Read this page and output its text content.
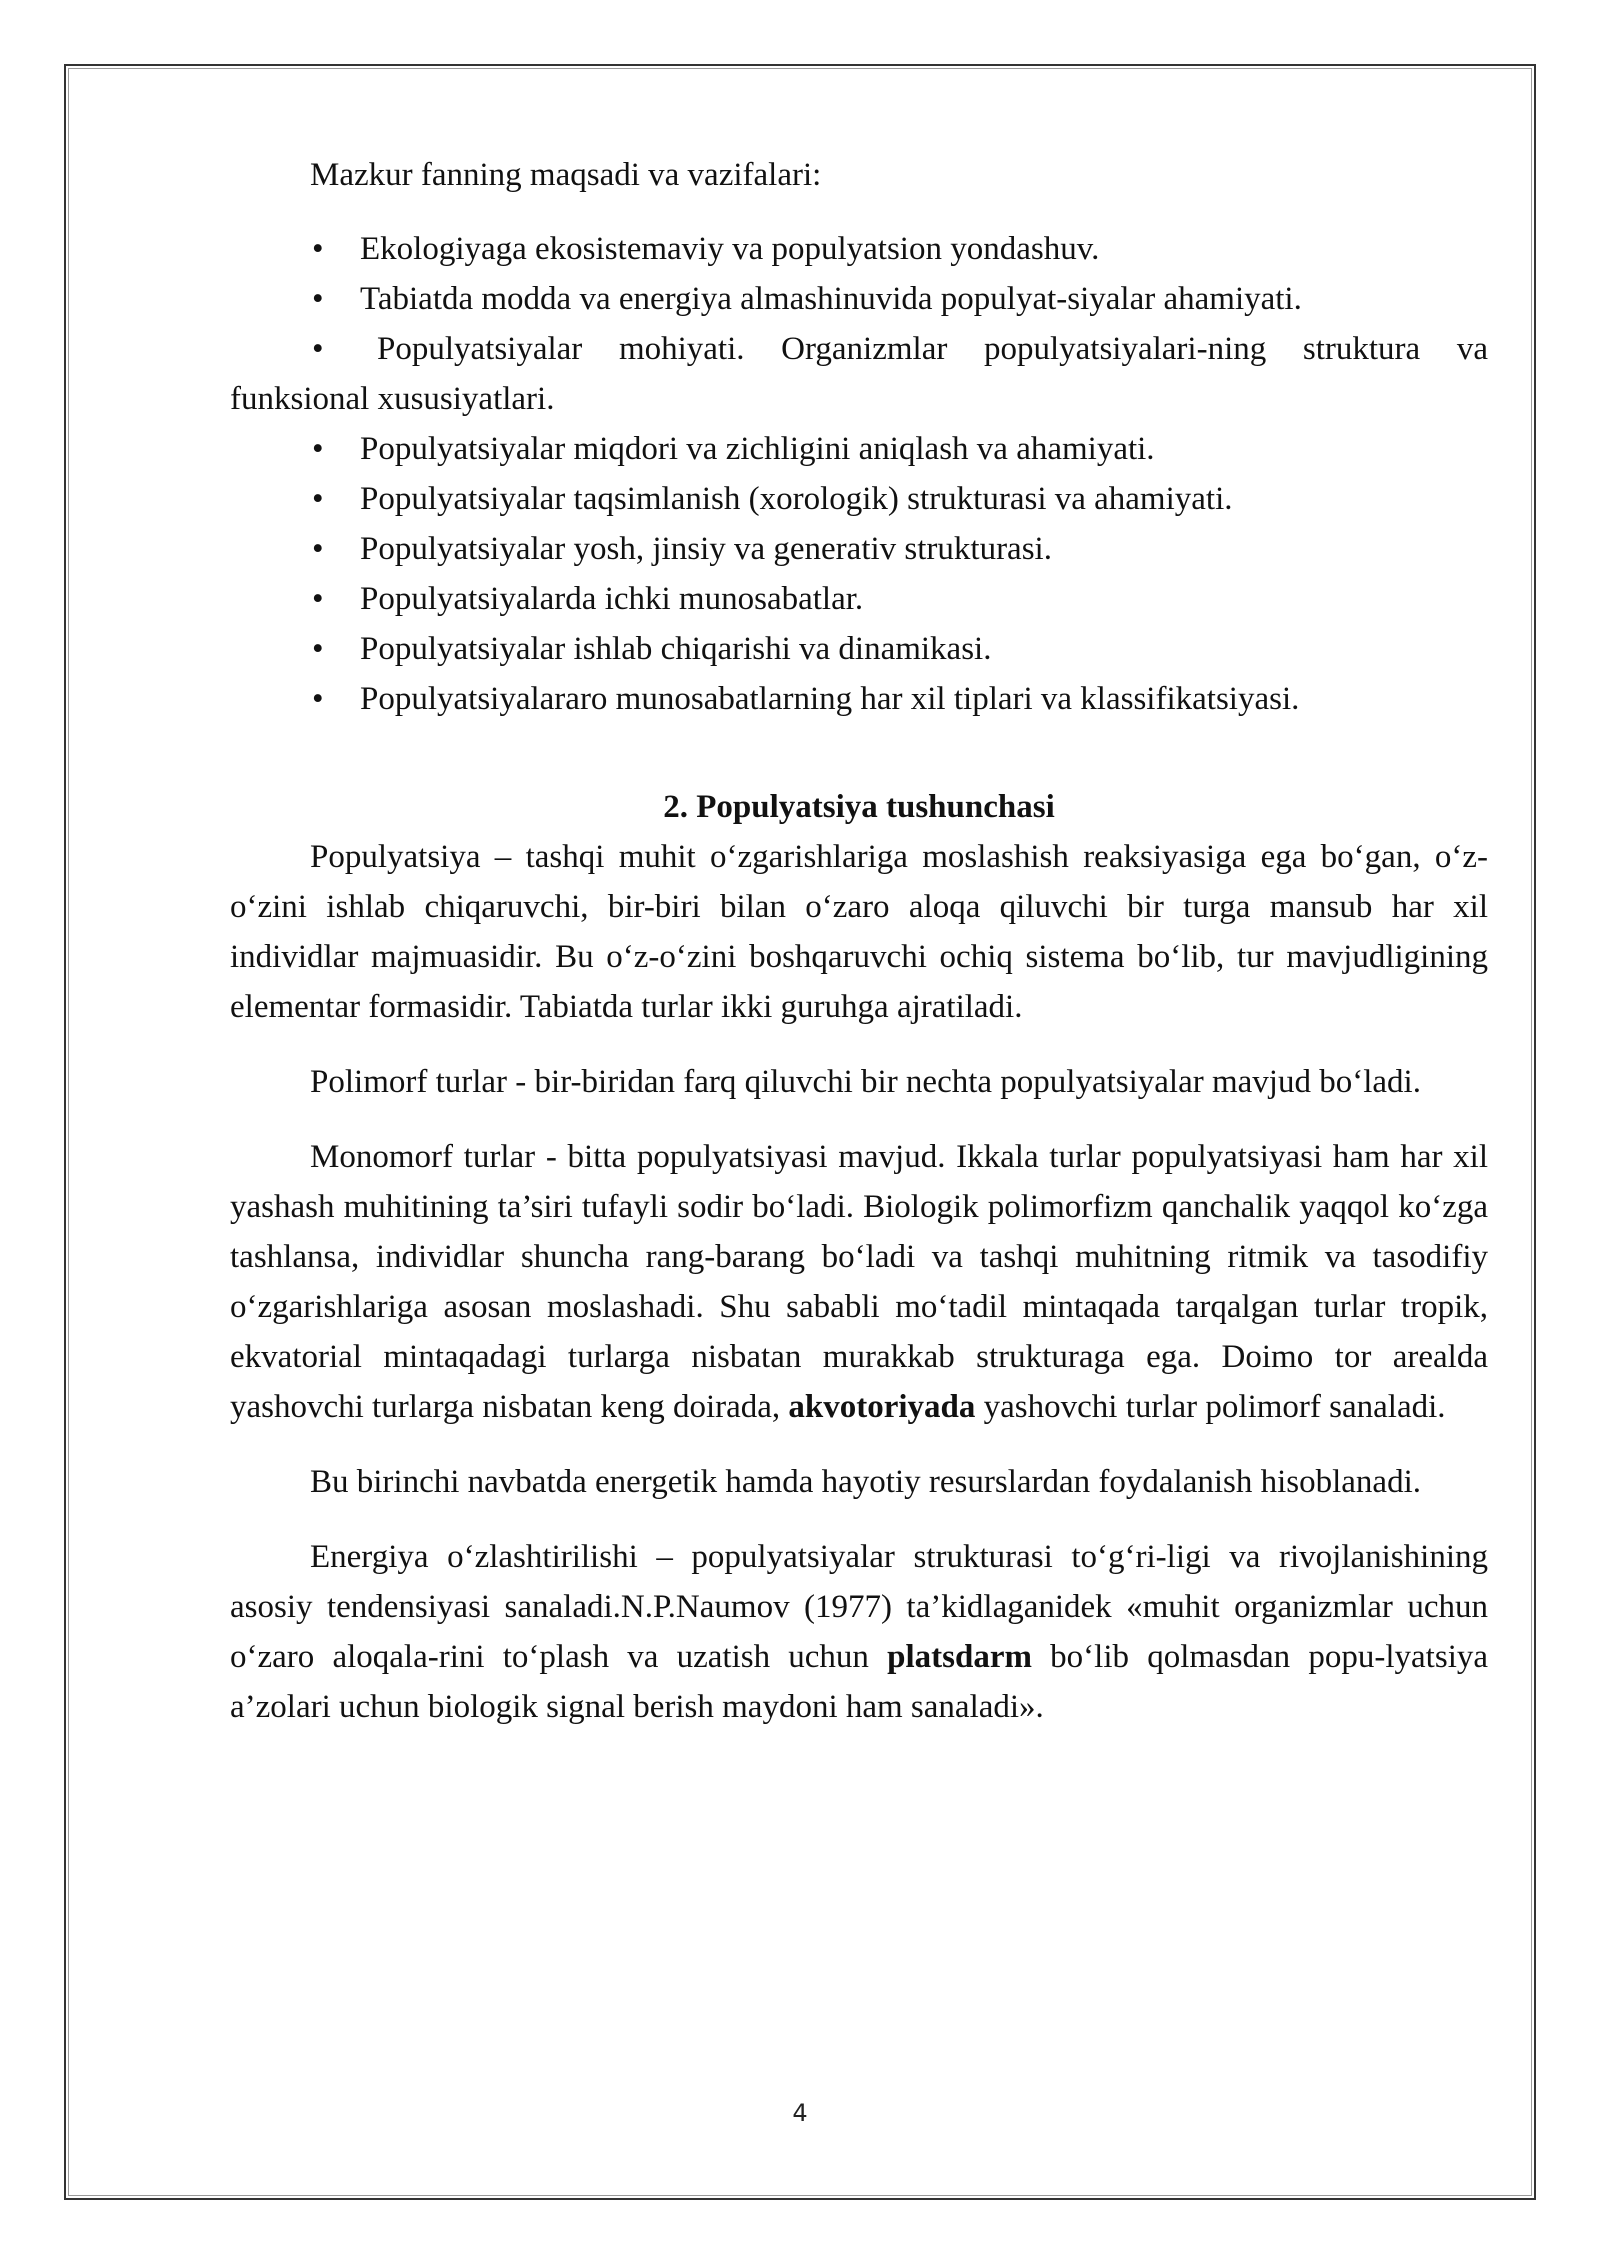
Mazkur fanning maqsadi va vazifalari:

• Ekologiyaga ekosistemaviy va populyatsion yondashuv.
• Tabiatda modda va energiya almashinuvida populyat-siyalar ahamiyati.
• Populyatsiyalar mohiyati. Organizmlar populyatsiyalari-ning struktura va funksional xususiyatlari.
• Populyatsiyalar miqdori va zichligini aniqlash va ahamiyati.
• Populyatsiyalar taqsimlanish (xorologik) strukturasi va ahamiyati.
• Populyatsiyalar yosh, jinsiy va generativ strukturasi.
• Populyatsiyalarda ichki munosabatlar.
• Populyatsiyalar ishlab chiqarishi va dinamikasi.
• Populyatsiyalararo munosabatlarning har xil tiplari va klassifikatsiyasi.
2. Populyatsiya tushunchasi

Populyatsiya – tashqi muhit o‘zgarishlariga moslashish reaksiyasiga ega bo‘gan, o‘z-o‘zini ishlab chiqaruvchi, bir-biri bilan o‘zaro aloqa qiluvchi bir turga mansub har xil individlar majmuasidir. Bu o‘z-o‘zini boshqaruvchi ochiq sistema bo‘lib, tur mavjudligining elementar formasidir. Tabiatda turlar ikki guruhga ajratiladi.

Polimorf turlar - bir-biridan farq qiluvchi bir nechta populyatsiyalar mavjud bo‘ladi.

Monomorf turlar - bitta populyatsiyasi mavjud. Ikkala turlar populyatsiyasi ham har xil yashash muhitining ta’siri tufayli sodir bo‘ladi. Biologik polimorfizm qanchalik yaqqol ko‘zga tashlansa, individlar shuncha rang-barang bo‘ladi va tashqi muhitning ritmik va tasodifiy o‘zgarishlariga asosan moslashadi. Shu sababli mo‘tadil mintaqada tarqalgan turlar tropik, ekvatorial mintaqadagi turlarga nisbatan murakkab strukturaga ega. Doimo tor arealda yashovchi turlarga nisbatan keng doirada, akvotoriyada yashovchi turlar polimorf sanaladi.

Bu birinchi navbatda energetik hamda hayotiy resurslardan foydalanish hisoblanadi.

Energiya o‘zlashtirilishi – populyatsiyalar strukturasi to‘g‘ri-ligi va rivojlanishining asosiy tendensiyasi sanaladi.N.P.Naumov (1977) ta’kidlaganidek «muhit organizmlar uchun o‘zaro aloqala-rini to‘plash va uzatish uchun platsdarm bo‘lib qolmasdan popu-lyatsiya a’zolari uchun biologik signal berish maydoni ham sanaladi».

4
